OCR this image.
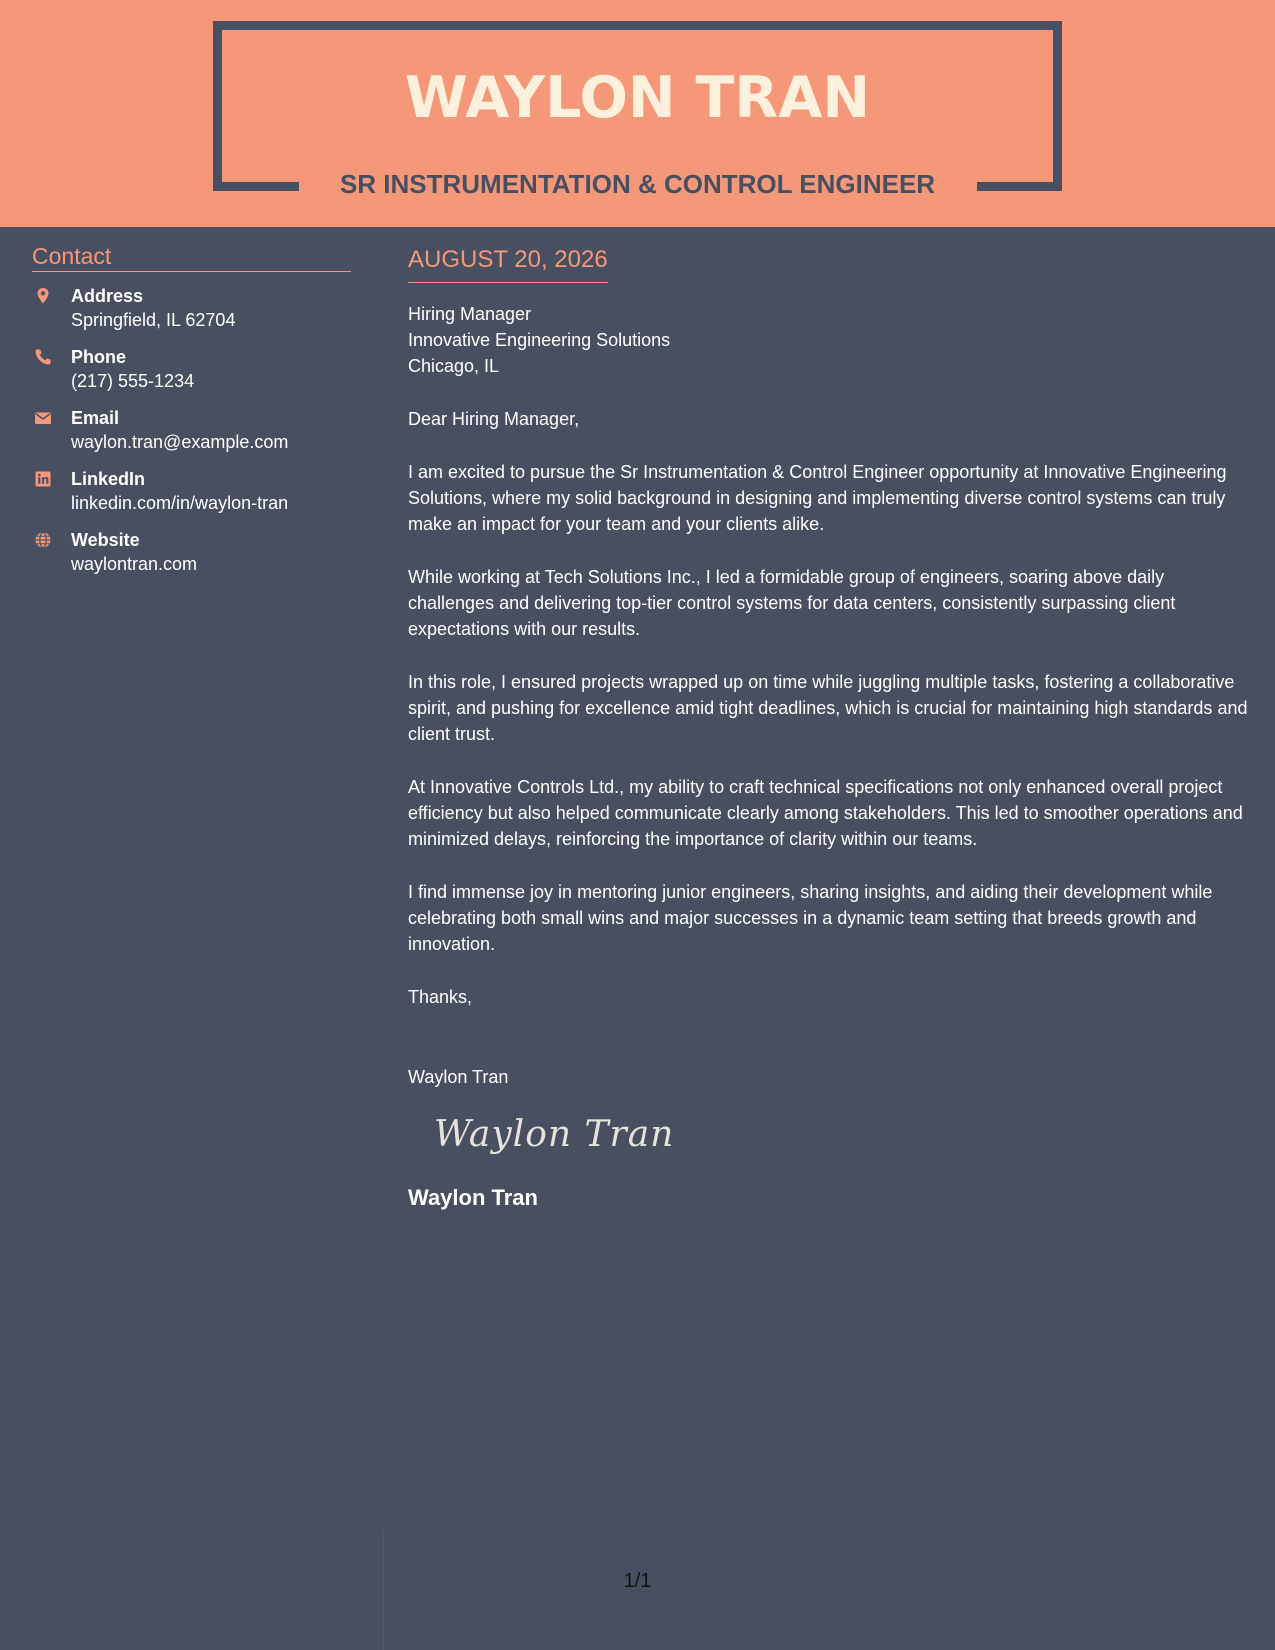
WAYLON TRAN
SR INSTRUMENTATION & CONTROL ENGINEER
Contact
Address
Springfield, IL 62704
Phone
(217) 555-1234
Email
waylon.tran@example.com
LinkedIn
linkedin.com/in/waylon-tran
Website
waylontran.com
AUGUST 20, 2026
Hiring Manager
Innovative Engineering Solutions
Chicago, IL
Dear Hiring Manager,
I am excited to pursue the Sr Instrumentation & Control Engineer opportunity at Innovative Engineering Solutions, where my solid background in designing and implementing diverse control systems can truly make an impact for your team and your clients alike.
While working at Tech Solutions Inc., I led a formidable group of engineers, soaring above daily challenges and delivering top-tier control systems for data centers, consistently surpassing client expectations with our results.
In this role, I ensured projects wrapped up on time while juggling multiple tasks, fostering a collaborative spirit, and pushing for excellence amid tight deadlines, which is crucial for maintaining high standards and client trust.
At Innovative Controls Ltd., my ability to craft technical specifications not only enhanced overall project efficiency but also helped communicate clearly among stakeholders. This led to smoother operations and minimized delays, reinforcing the importance of clarity within our teams.
I find immense joy in mentoring junior engineers, sharing insights, and aiding their development while celebrating both small wins and major successes in a dynamic team setting that breeds growth and innovation.
Thanks,
Waylon Tran
Waylon Tran
Waylon Tran
1/1
